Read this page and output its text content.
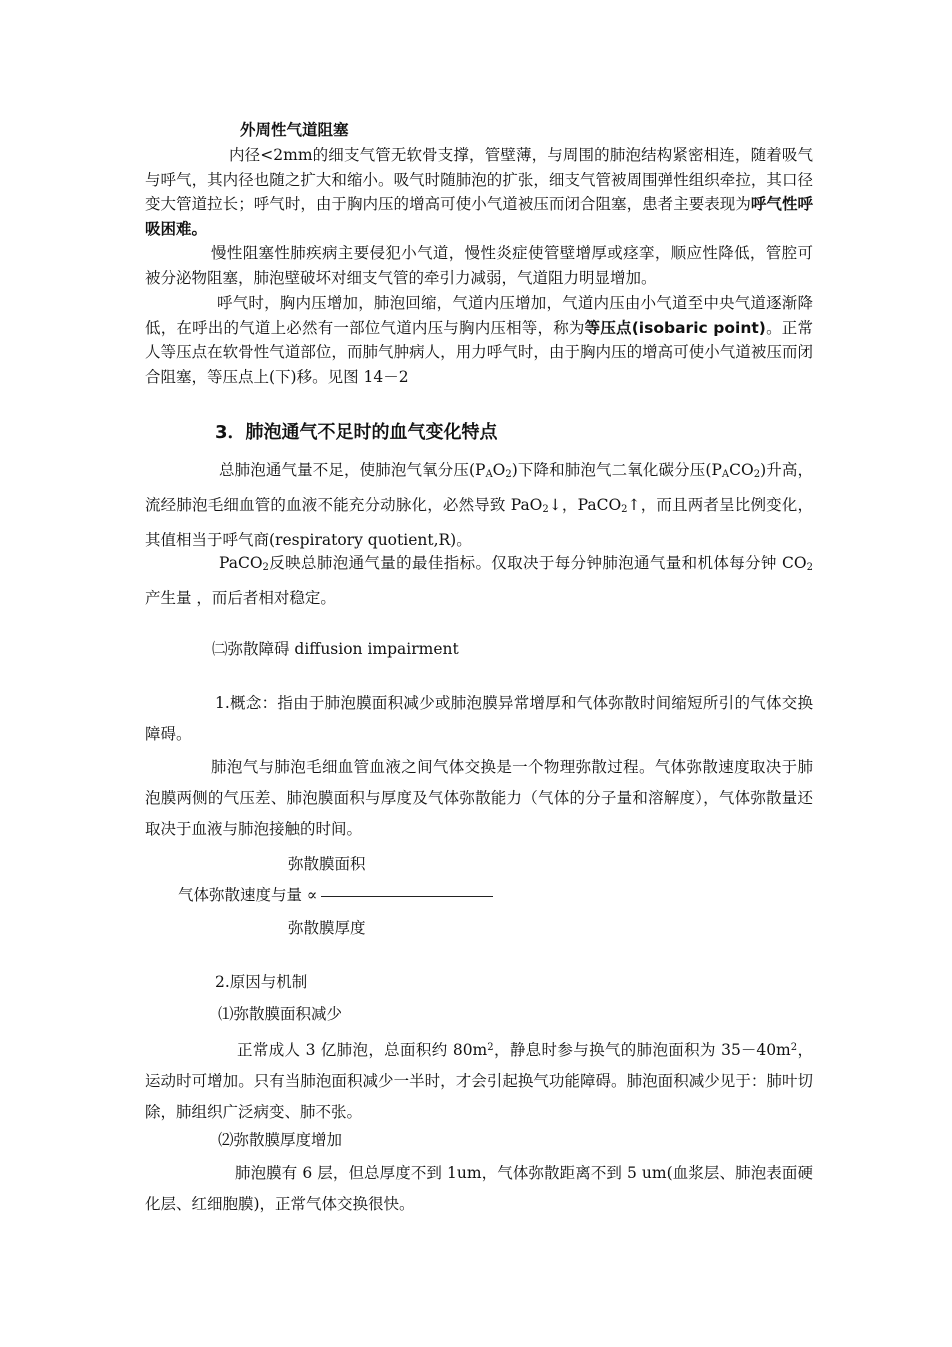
外周性气道阻塞

内径<2mm的细支气管无软骨支撑，管壁薄，与周围的肺泡结构紧密相连，随着吸气与呼气，其内径也随之扩大和缩小。吸气时随肺泡的扩张，细支气管被周围弹性组织牵拉，其口径变大管道拉长；呼气时，由于胸内压的增高可使小气道被压而闭合阻塞，患者主要表现为呼气性呼吸困难。

慢性阻塞性肺疾病主要侵犯小气道，慢性炎症使管壁增厚或痉挛，顺应性降低，管腔可被分泌物阻塞，肺泡壁破坏对细支气管的牵引力减弱，气道阻力明显增加。

呼气时，胸内压增加，肺泡回缩，气道内压增加，气道内压由小气道至中央气道逐渐降低，在呼出的气道上必然有一部位气道内压与胸内压相等，称为等压点(isobaric point)。正常人等压点在软骨性气道部位，而肺气肿病人，用力呼气时，由于胸内压的增高可使小气道被压而闭合阻塞，等压点上(下)移。见图 14－2

3．肺泡通气不足时的血气变化特点

总肺泡通气量不足，使肺泡气氧分压$(P_AO_2)$下降和肺泡气二氧化碳分压$(P_ACO_2)$升高，流经肺泡毛细血管的血液不能充分动脉化，必然导致 PaO$_2$↓，PaCO$_2$↑，而且两者呈比例变化，其值相当于呼气商(respiratory quotient,R)。

PaCO$_2$反映总肺泡通气量的最佳指标。仅取决于每分钟肺泡通气量和机体每分钟 $CO_2$产生量 ，而后者相对稳定。

㈡弥散障碍 diffusion impairment

1.概念：指由于肺泡膜面积减少或肺泡膜异常增厚和气体弥散时间缩短所引的气体交换障碍。

肺泡气与肺泡毛细血管血液之间气体交换是一个物理弥散过程。气体弥散速度取决于肺泡膜两侧的气压差、肺泡膜面积与厚度及气体弥散能力（气体的分子量和溶解度），气体弥散量还取决于血液与肺泡接触的时间。

弥散膜面积
气体弥散速度与量 ∝
弥散膜厚度
2.原因与机制
⑴弥散膜面积减少

正常成人 3 亿肺泡，总面积约 $80m^2$，静息时参与换气的肺泡面积为 $35-40m^2$，运动时可增加。只有当肺泡面积减少一半时，才会引起换气功能障碍。肺泡面积减少见于：肺叶切除，肺组织广泛病变、肺不张。

⑵弥散膜厚度增加

肺泡膜有 6 层，但总厚度不到 1um，气体弥散距离不到 5 um(血浆层、肺泡表面硬化层、红细胞膜)，正常气体交换很快。
